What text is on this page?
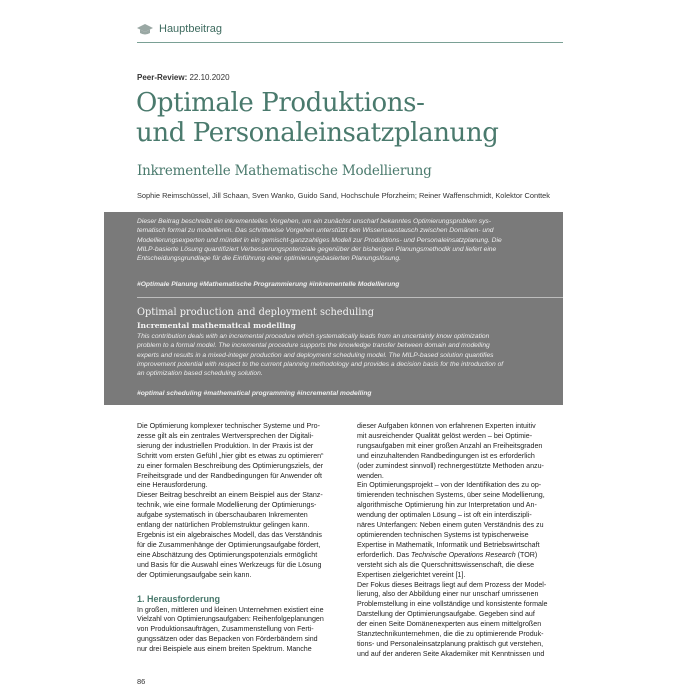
Hauptbeitrag
Peer-Review: 22.10.2020
Optimale Produktions-
und Personaleinsatzplanung
Inkrementelle Mathematische Modellierung
Sophie Reimschüssel, Jill Schaan, Sven Wanko, Guido Sand, Hochschule Pforzheim; Reiner Waffenschmidt, Kolektor Conttek
Dieser Beitrag beschreibt ein inkrementelles Vorgehen, um ein zunächst unscharf bekanntes Optimierungsproblem sys-
tematisch formal zu modellieren. Das schrittweise Vorgehen unterstützt den Wissensaustausch zwischen Domänen- und
Modellierungsexperten und mündet in ein gemischt-ganzzahliges Modell zur Produktions- und Personaleinsatzplanung. Die
MILP-basierte Lösung quantifiziert Verbesserungspotenziale gegenüber der bisherigen Planungsmethodik und liefert eine
Entscheidungsgrundlage für die Einführung einer optimierungsbasierten Planungslösung.
#Optimale Planung #Mathematische Programmierung #inkrementelle Modellierung
Optimal production and deployment scheduling
Incremental mathematical modelling
This contribution deals with an incremental procedure which systematically leads from an uncertainly know optimization
problem to a formal model. The incremental procedure supports the knowledge transfer between domain and modelling
experts and results in a mixed-integer production and deployment scheduling model. The MILP-based solution quantifies
improvement potential with respect to the current planning methodology and provides a decision basis for the introduction of
an optimization based scheduling solution.
#optimal scheduling #mathematical programming #incremental modelling
Die Optimierung komplexer technischer Systeme und Pro-
zesse gilt als ein zentrales Wertversprechen der Digitali-
sierung der industriellen Produktion. In der Praxis ist der
Schritt vom ersten Gefühl „hier gibt es etwas zu optimieren“
zu einer formalen Beschreibung des Optimierungsziels, der
Freiheitsgrade und der Randbedingungen für Anwender oft
eine Herausforderung.
Dieser Beitrag beschreibt an einem Beispiel aus der Stanz-
technik, wie eine formale Modellierung der Optimierungs-
aufgabe systematisch in überschaubaren Inkrementen
entlang der natürlichen Problemstruktur gelingen kann.
Ergebnis ist ein algebraisches Modell, das das Verständnis
für die Zusammenhänge der Optimierungsaufgabe fördert,
eine Abschätzung des Optimierungspotenzials ermöglicht
und Basis für die Auswahl eines Werkzeugs für die Lösung
der Optimierungsaufgabe sein kann.
1. Herausforderung
In großen, mittleren und kleinen Unternehmen existiert eine
Vielzahl von Optimierungsaufgaben: Reihenfolgeplanungen
von Produktionsaufträgen, Zusammenstellung von Ferti-
gungssätzen oder das Bepacken von Förderbändern sind
nur drei Beispiele aus einem breiten Spektrum. Manche
dieser Aufgaben können von erfahrenen Experten intuitiv
mit ausreichender Qualität gelöst werden – bei Optimie-
rungsaufgaben mit einer großen Anzahl an Freiheitsgraden
und einzuhaltenden Randbedingungen ist es erforderlich
(oder zumindest sinnvoll) rechnergestützte Methoden anzu-
wenden.
Ein Optimierungsprojekt – von der Identifikation des zu op-
timierenden technischen Systems, über seine Modellierung,
algorithmische Optimierung hin zur Interpretation und An-
wendung der optimalen Lösung – ist oft ein interdiszipli-
näres Unterfangen: Neben einem guten Verständnis des zu
optimierenden technischen Systems ist typischerweise
Expertise in Mathematik, Informatik und Betriebswirtschaft
erforderlich. Das Technische Operations Research (TOR)
versteht sich als die Querschnittswissenschaft, die diese
Expertisen zielgerichtet vereint [1].
Der Fokus dieses Beitrags liegt auf dem Prozess der Model-
lierung, also der Abbildung einer nur unscharf umrissenen
Problemstellung in eine vollständige und konsistente formale
Darstellung der Optimierungsaufgabe. Gegeben sind auf
der einen Seite Domänenexperten aus einem mittelgroßen
Stanztechnikunternehmen, die die zu optimierende Produk-
tions- und Personaleinsatzplanung praktisch gut verstehen,
und auf der anderen Seite Akademiker mit Kenntnissen und
86
